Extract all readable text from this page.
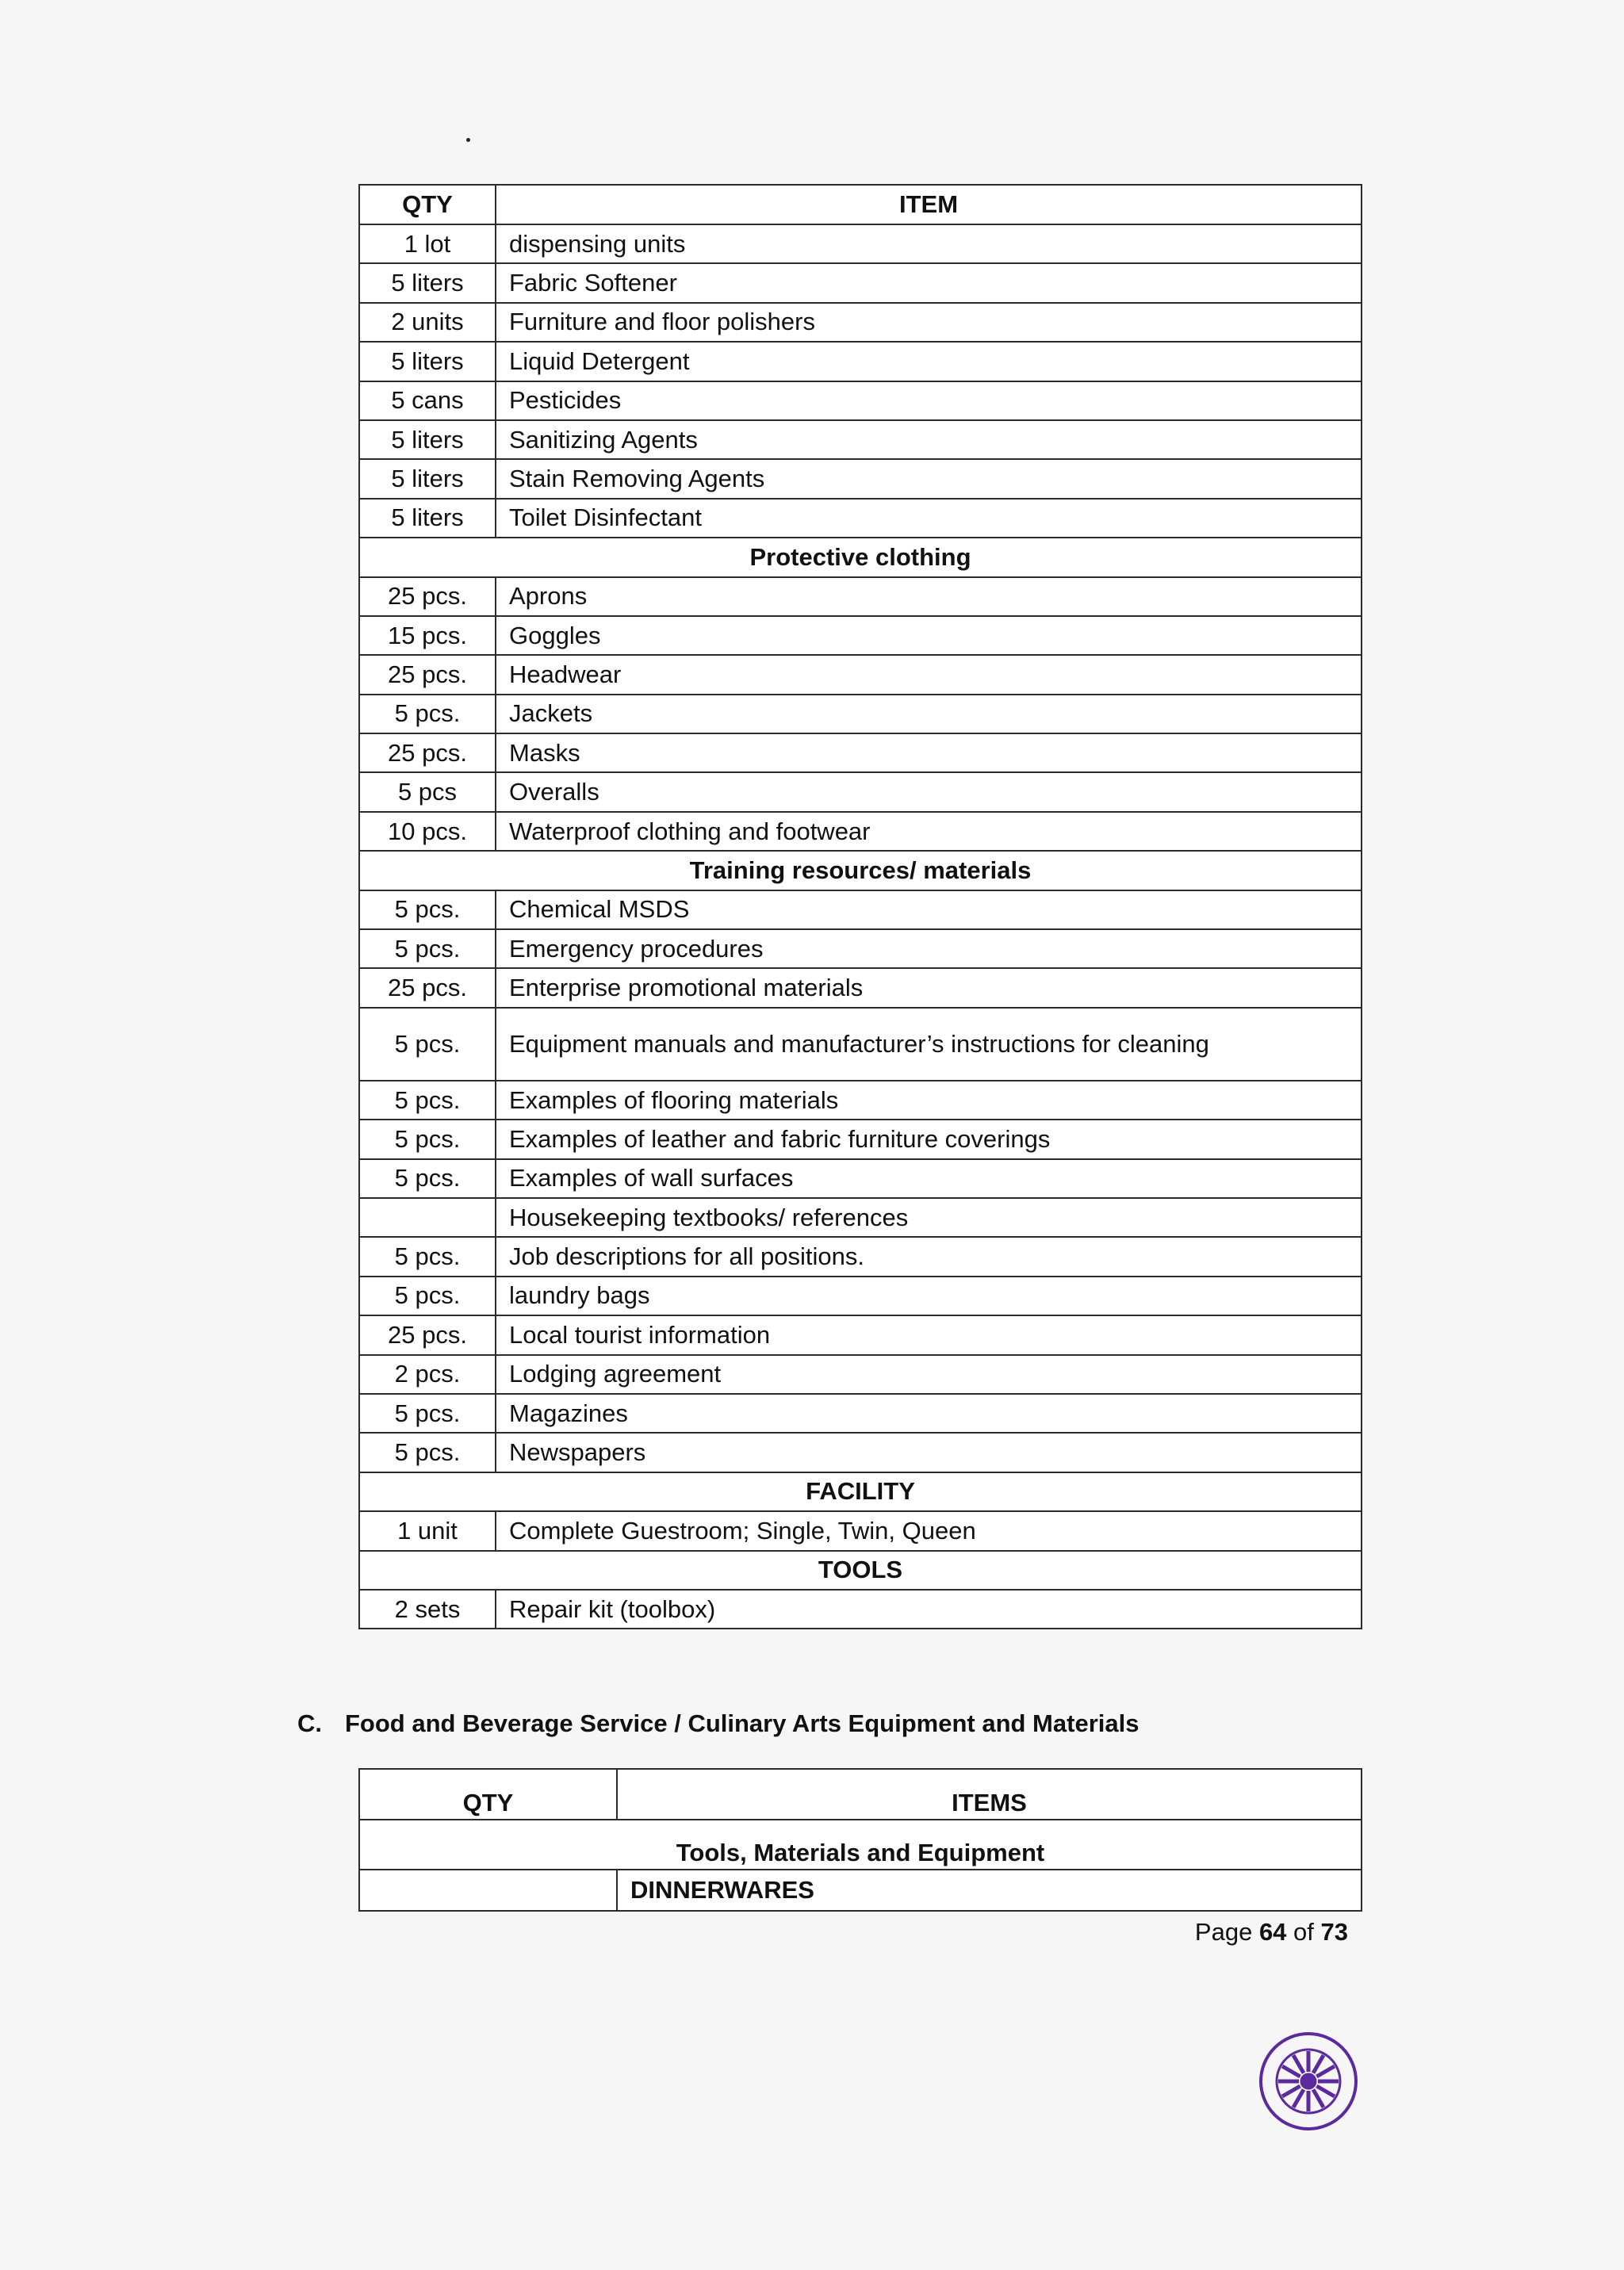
QTY	ITEM
1 lot	dispensing units
5 liters	Fabric Softener
2 units	Furniture and floor polishers
5 liters	Liquid Detergent
5 cans	Pesticides
5 liters	Sanitizing Agents
5 liters	Stain Removing Agents
5 liters	Toilet Disinfectant
Protective clothing	
25 pcs.	Aprons
15 pcs.	Goggles
25 pcs.	Headwear
5 pcs.	Jackets
25 pcs.	Masks
5 pcs	Overalls
10 pcs.	Waterproof clothing and footwear
Training resources/ materials	
5 pcs.	Chemical MSDS
5 pcs.	Emergency procedures
25 pcs.	Enterprise promotional materials
5 pcs.	Equipment manuals and manufacturer’s instructions for cleaning
5 pcs.	Examples of flooring materials
5 pcs.	Examples of leather and fabric furniture coverings
5 pcs.	Examples of wall surfaces
	Housekeeping textbooks/ references
5 pcs.	Job descriptions for all positions.
5 pcs.	laundry bags
25 pcs.	Local tourist information
2 pcs.	Lodging agreement
5 pcs.	Magazines
5 pcs.	Newspapers
FACILITY	
1 unit	Complete Guestroom; Single, Twin, Queen
TOOLS	
2 sets	Repair kit (toolbox)
C. Food and Beverage Service / Culinary Arts Equipment and Materials
QTY	ITEMS
Tools, Materials and Equipment	
	DINNERWARES
Page 64 of 73
